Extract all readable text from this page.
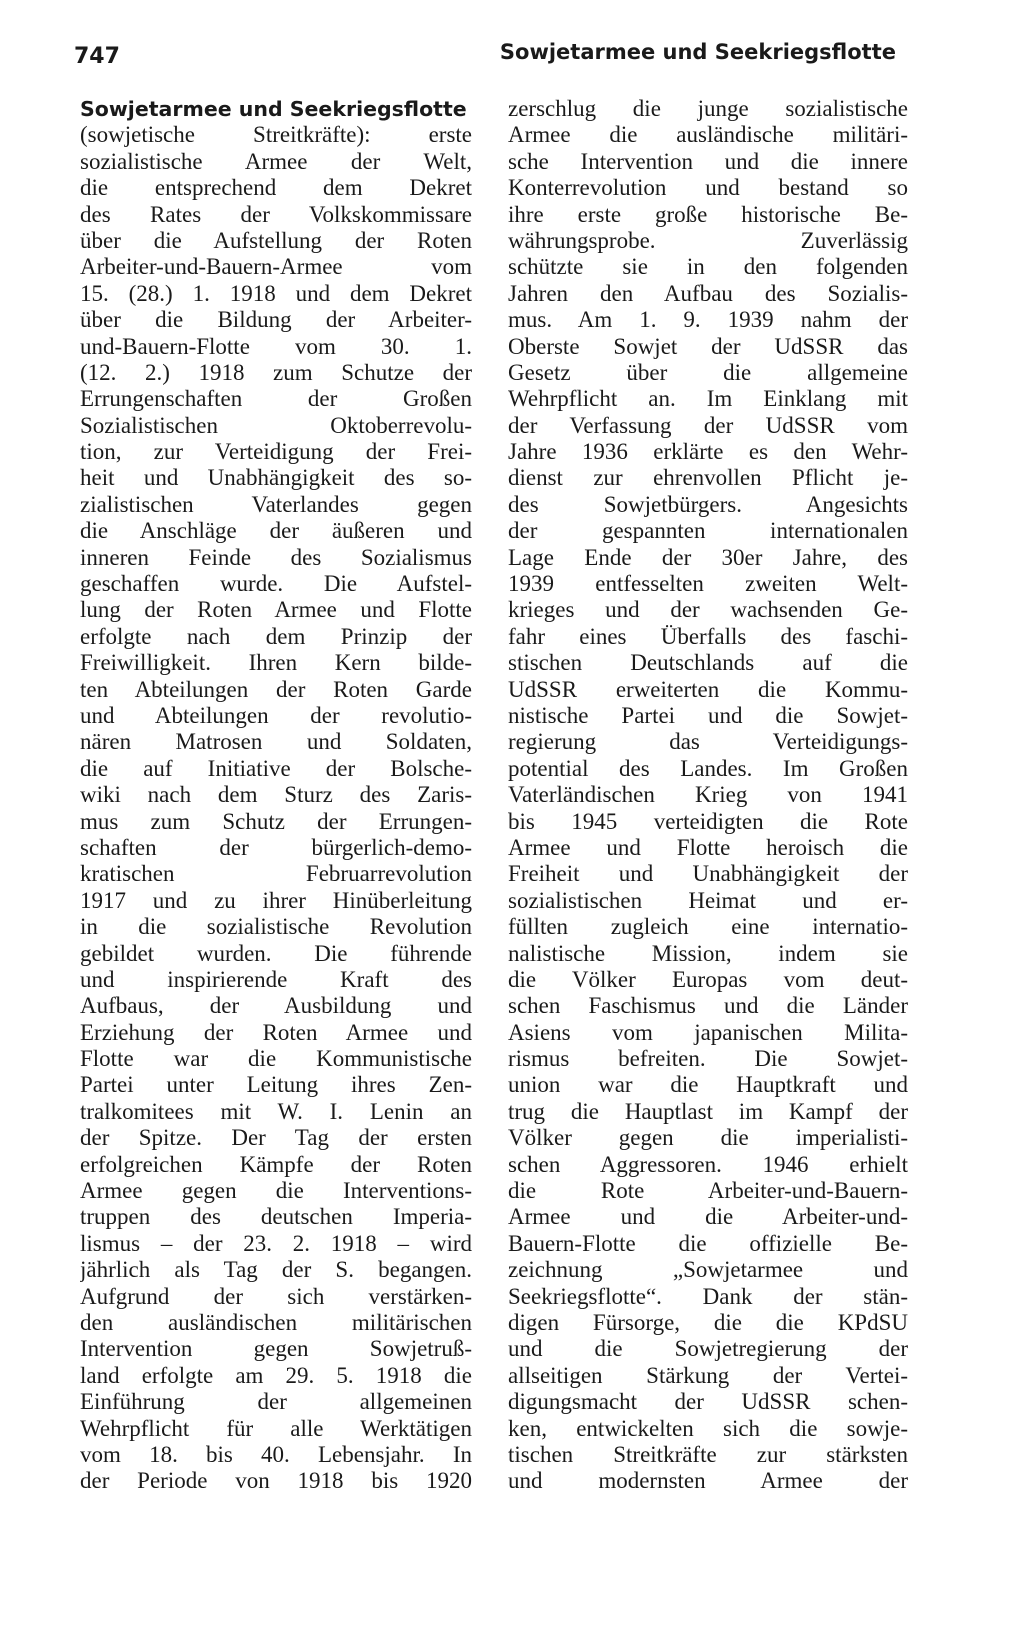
747	Sowjetarmee und Seekriegsflotte
Sowjetarmee und Seekriegsflotte
(sowjetische Streitkräfte): erste
sozialistische Armee der Welt,
die entsprechend dem Dekret
des Rates der Volkskommissare
über die Aufstellung der Roten
Arbeiter-und-Bauern-Armee vom
15. (28.) 1. 1918 und dem Dekret
über die Bildung der Arbeiter-
und-Bauern-Flotte vom 30. 1.
(12. 2.) 1918 zum Schutze der
Errungenschaften der Großen
Sozialistischen Oktoberrevolu-
tion, zur Verteidigung der Frei-
heit und Unabhängigkeit des so-
zialistischen Vaterlandes gegen
die Anschläge der äußeren und
inneren Feinde des Sozialismus
geschaffen wurde. Die Aufstel-
lung der Roten Armee und Flotte
erfolgte nach dem Prinzip der
Freiwilligkeit. Ihren Kern bilde-
ten Abteilungen der Roten Garde
und Abteilungen der revolutio-
nären Matrosen und Soldaten,
die auf Initiative der Bolsche-
wiki nach dem Sturz des Zaris-
mus zum Schutz der Errungen-
schaften der bürgerlich-demo-
kratischen Februarrevolution
1917 und zu ihrer Hinüberleitung
in die sozialistische Revolution
gebildet wurden. Die führende
und inspirierende Kraft des
Aufbaus, der Ausbildung und
Erziehung der Roten Armee und
Flotte war die Kommunistische
Partei unter Leitung ihres Zen-
tralkomitees mit W. I. Lenin an
der Spitze. Der Tag der ersten
erfolgreichen Kämpfe der Roten
Armee gegen die Interventions-
truppen des deutschen Imperia-
lismus – der 23. 2. 1918 – wird
jährlich als Tag der S. begangen.
Aufgrund der sich verstärken-
den ausländischen militärischen
Intervention gegen Sowjetruß-
land erfolgte am 29. 5. 1918 die
Einführung der allgemeinen
Wehrpflicht für alle Werktätigen
vom 18. bis 40. Lebensjahr. In
der Periode von 1918 bis 1920
zerschlug die junge sozialistische
Armee die ausländische militäri-
sche Intervention und die innere
Konterrevolution und bestand so
ihre erste große historische Be-
währungsprobe. Zuverlässig
schützte sie in den folgenden
Jahren den Aufbau des Sozialis-
mus. Am 1. 9. 1939 nahm der
Oberste Sowjet der UdSSR das
Gesetz über die allgemeine
Wehrpflicht an. Im Einklang mit
der Verfassung der UdSSR vom
Jahre 1936 erklärte es den Wehr-
dienst zur ehrenvollen Pflicht je-
des Sowjetbürgers. Angesichts
der gespannten internationalen
Lage Ende der 30er Jahre, des
1939 entfesselten zweiten Welt-
krieges und der wachsenden Ge-
fahr eines Überfalls des faschi-
stischen Deutschlands auf die
UdSSR erweiterten die Kommu-
nistische Partei und die Sowjet-
regierung das Verteidigungs-
potential des Landes. Im Großen
Vaterländischen Krieg von 1941
bis 1945 verteidigten die Rote
Armee und Flotte heroisch die
Freiheit und Unabhängigkeit der
sozialistischen Heimat und er-
füllten zugleich eine internatio-
nalistische Mission, indem sie
die Völker Europas vom deut-
schen Faschismus und die Länder
Asiens vom japanischen Milita-
rismus befreiten. Die Sowjet-
union war die Hauptkraft und
trug die Hauptlast im Kampf der
Völker gegen die imperialisti-
schen Aggressoren. 1946 erhielt
die Rote Arbeiter-und-Bauern-
Armee und die Arbeiter-und-
Bauern-Flotte die offizielle Be-
zeichnung „Sowjetarmee und
Seekriegsflotte“. Dank der stän-
digen Fürsorge, die die KPdSU
und die Sowjetregierung der
allseitigen Stärkung der Vertei-
digungsmacht der UdSSR schen-
ken, entwickelten sich die sowje-
tischen Streitkräfte zur stärksten
und modernsten Armee der
